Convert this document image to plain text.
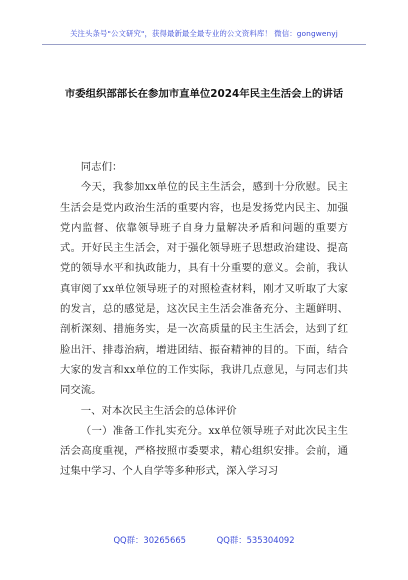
关注头条号"公文研究"，获得最新最全最专业的公文资料库！ 微信：gongwenyj
市委组织部部长在参加市直单位2024年民主生活会上的讲话

同志们：

今天，我参加xx单位的民主生活会，感到十分欣慰。民主生活会是党内政治生活的重要内容，也是发扬党内民主、加强党内监督、依靠领导班子自身力量解决矛盾和问题的重要方式。开好民主生活会，对于强化领导班子思想政治建设、提高党的领导水平和执政能力，具有十分重要的意义。会前，我认真审阅了xx单位领导班子的对照检查材料，刚才又听取了大家的发言，总的感觉是，这次民主生活会准备充分、主题鲜明、剖析深刻、措施务实，是一次高质量的民主生活会，达到了红脸出汗、排毒治病，增进团结、振奋精神的目的。下面，结合大家的发言和xx单位的工作实际，我讲几点意见，与同志们共同交流。

一、对本次民主生活会的总体评价

（一）准备工作扎实充分。xx单位领导班子对此次民主生活会高度重视，严格按照市委要求，精心组织安排。会前，通过集中学习、个人自学等多种形式，深入学习习

QQ群：30265665	QQ群：535304092
